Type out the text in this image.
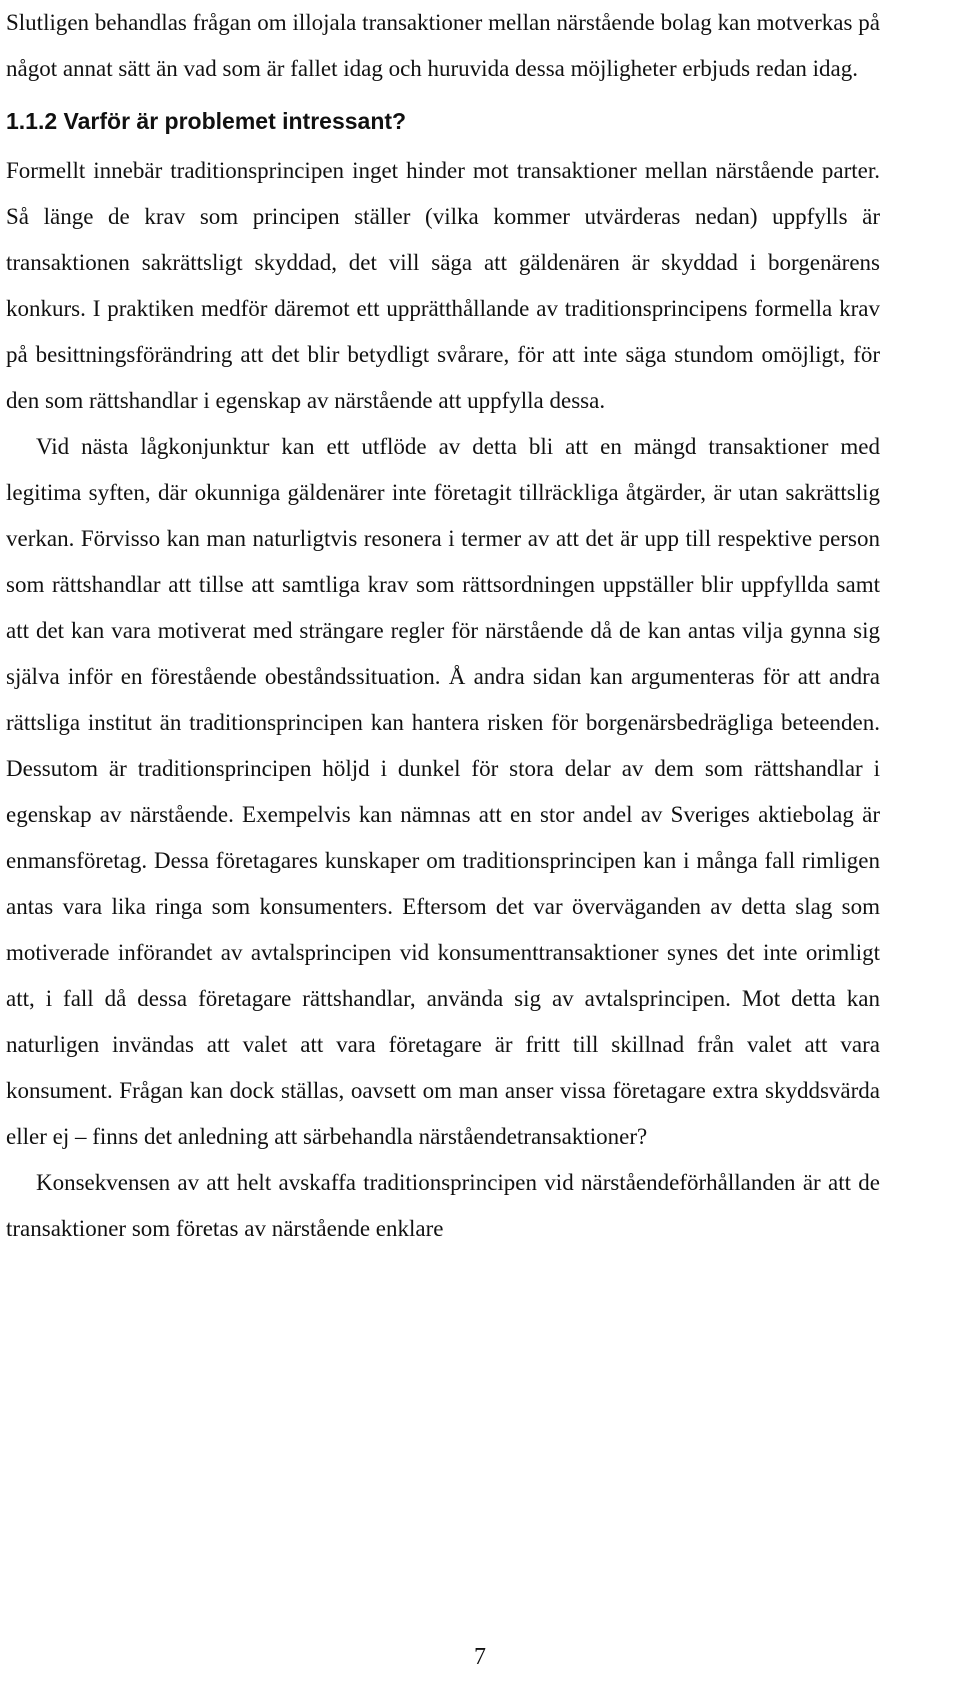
Slutligen behandlas frågan om illojala transaktioner mellan närstående bolag kan motverkas på något annat sätt än vad som är fallet idag och huruvida dessa möjligheter erbjuds redan idag.

1.1.2 Varför är problemet intressant?

Formellt innebär traditionsprincipen inget hinder mot transaktioner mellan närstående parter. Så länge de krav som principen ställer (vilka kommer utvärderas nedan) uppfylls är transaktionen sakrättsligt skyddad, det vill säga att gäldenären är skyddad i borgenärens konkurs. I praktiken medför däremot ett upprätthållande av traditionsprincipens formella krav på besittningsförändring att det blir betydligt svårare, för att inte säga stundom omöjligt, för den som rättshandlar i egenskap av närstående att uppfylla dessa.

Vid nästa lågkonjunktur kan ett utflöde av detta bli att en mängd transaktioner med legitima syften, där okunniga gäldenärer inte företagit tillräckliga åtgärder, är utan sakrättslig verkan. Förvisso kan man naturligtvis resonera i termer av att det är upp till respektive person som rättshandlar att tillse att samtliga krav som rättsordningen uppställer blir uppfyllda samt att det kan vara motiverat med strängare regler för närstående då de kan antas vilja gynna sig själva inför en förestående obeståndssituation. Å andra sidan kan argumenteras för att andra rättsliga institut än traditionsprincipen kan hantera risken för borgenärsbedrägliga beteenden. Dessutom är traditionsprincipen höljd i dunkel för stora delar av dem som rättshandlar i egenskap av närstående. Exempelvis kan nämnas att en stor andel av Sveriges aktiebolag är enmansföretag. Dessa företagares kunskaper om traditionsprincipen kan i många fall rimligen antas vara lika ringa som konsumenters. Eftersom det var överväganden av detta slag som motiverade införandet av avtalsprincipen vid konsumenttransaktioner synes det inte orimligt att, i fall då dessa företagare rättshandlar, använda sig av avtalsprincipen. Mot detta kan naturligen invändas att valet att vara företagare är fritt till skillnad från valet att vara konsument. Frågan kan dock ställas, oavsett om man anser vissa företagare extra skyddsvärda eller ej – finns det anledning att särbehandla närståendetransaktioner?

Konsekvensen av att helt avskaffa traditionsprincipen vid närståendeförhållanden är att de transaktioner som företas av närstående enklare

7
